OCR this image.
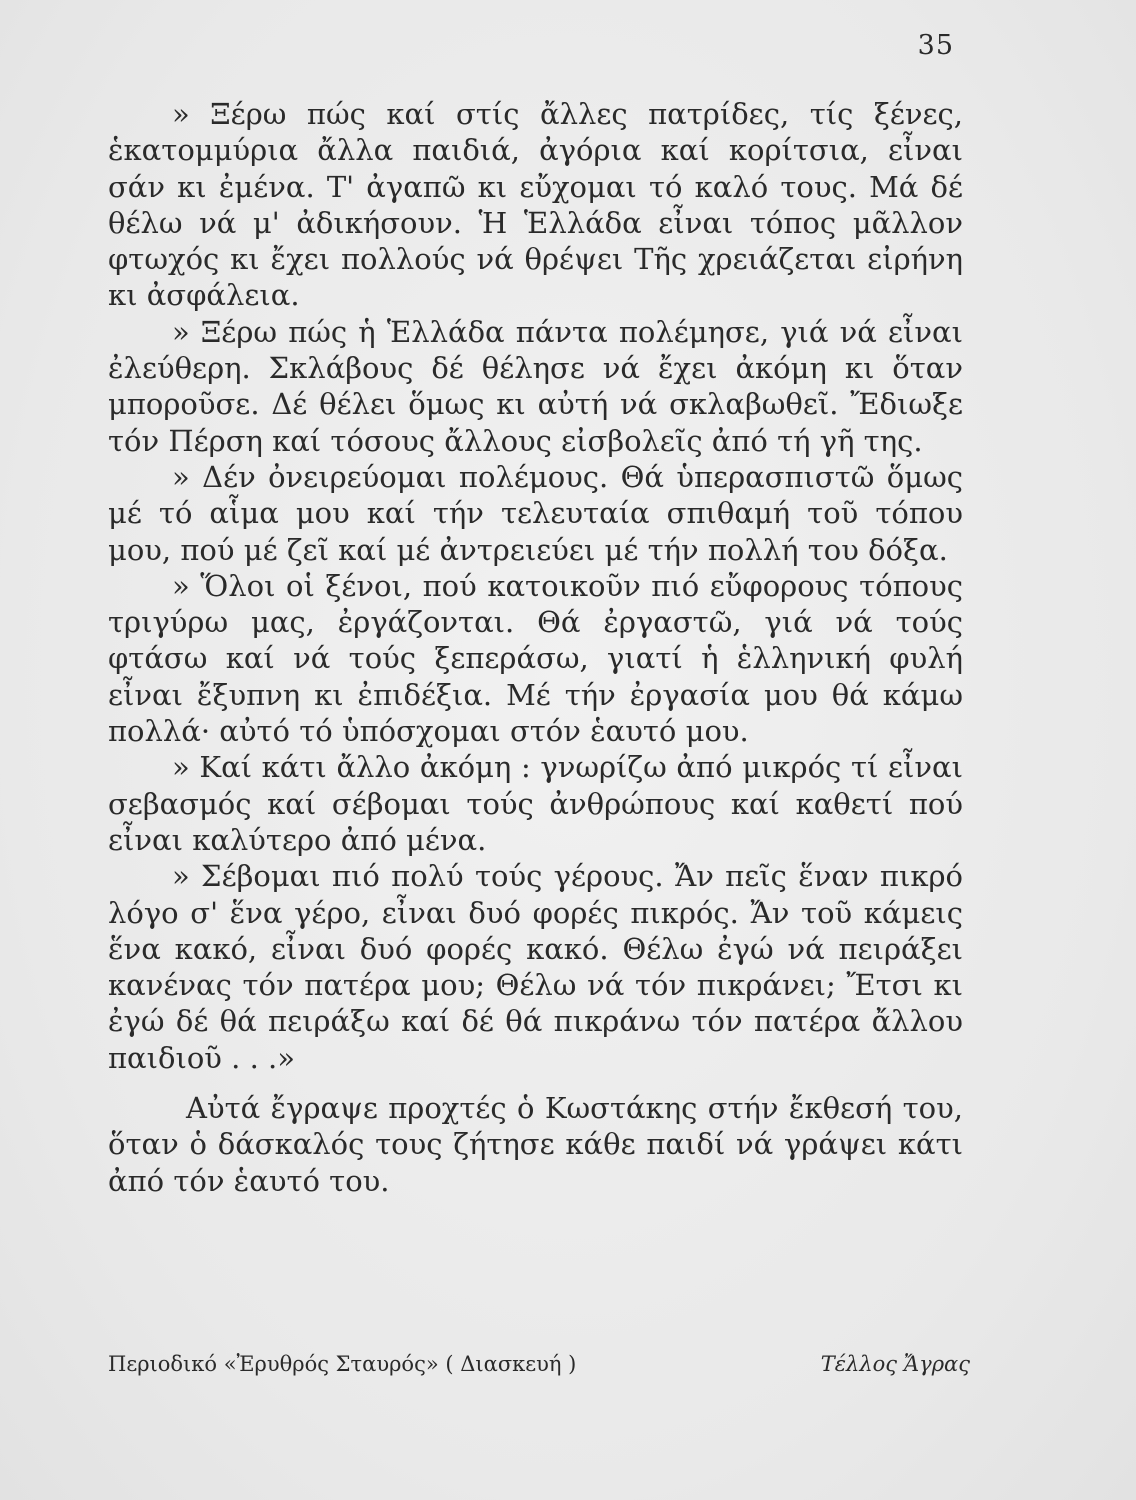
35

» Ξέρω πώς καί στίς ἄλλες πατρίδες, τίς ξένες, ἑκατομμύρια ἄλλα παιδιά, ἀγόρια καί κορίτσια, εἶναι σάν κι ἐμένα. Τ' ἀγαπῶ κι εὔχομαι τό καλό τους. Μά δέ θέλω νά μ' ἀδικήσουν. Ἡ Ἑλλάδα εἶναι τόπος μᾶλλον φτωχός κι ἔχει πολλούς νά θρέψει Τῆς χρειάζεται εἰρήνη κι ἀσφάλεια.

» Ξέρω πώς ἡ Ἑλλάδα πάντα πολέμησε, γιά νά εἶναι ἐλεύθερη. Σκλάβους δέ θέλησε νά ἔχει ἀκόμη κι ὅταν μποροῦσε. Δέ θέλει ὅμως κι αὐτή νά σκλαβωθεῖ. Ἔδιωξε τόν Πέρση καί τόσους ἄλλους εἰσβολεῖς ἀπό τή γῆ της.

» Δέν ὀνειρεύομαι πολέμους. Θά ὑπερασπιστῶ ὅμως μέ τό αἷμα μου καί τήν τελευταία σπιθαμή τοῦ τόπου μου, πού μέ ζεῖ καί μέ ἀντρειεύει μέ τήν πολλή του δόξα.

» Ὅλοι οἱ ξένοι, πού κατοικοῦν πιό εὔφορους τόπους τριγύρω μας, ἐργάζονται. Θά ἐργαστῶ, γιά νά τούς φτάσω καί νά τούς ξεπεράσω, γιατί ἡ ἑλληνική φυλή εἶναι ἔξυπνη κι ἐπιδέξια. Μέ τήν ἐργασία μου θά κάμω πολλά· αὐτό τό ὑπόσχομαι στόν ἑαυτό μου.

» Καί κάτι ἄλλο ἀκόμη : γνωρίζω ἀπό μικρός τί εἶναι σεβασμός καί σέβομαι τούς ἀνθρώπους καί καθετί πού εἶναι καλύτερο ἀπό μένα.

» Σέβομαι πιό πολύ τούς γέρους. Ἄν πεῖς ἕναν πικρό λόγο σ' ἕνα γέρο, εἶναι δυό φορές πικρός. Ἄν τοῦ κάμεις ἕνα κακό, εἶναι δυό φορές κακό. Θέλω ἐγώ νά πειράξει κανένας τόν πατέρα μου; Θέλω νά τόν πικράνει; Ἔτσι κι ἐγώ δέ θά πειράξω καί δέ θά πικράνω τόν πατέρα ἄλλου παιδιοῦ . . .»

Αὐτά ἔγραψε προχτές ὁ Κωστάκης στήν ἔκθεσή του, ὅταν ὁ δάσκαλός τους ζήτησε κάθε παιδί νά γράψει κάτι ἀπό τόν ἑαυτό του.

Περιοδικό «Ἐρυθρός Σταυρός» ( Διασκευή )	Τέλλος Ἄγρας
